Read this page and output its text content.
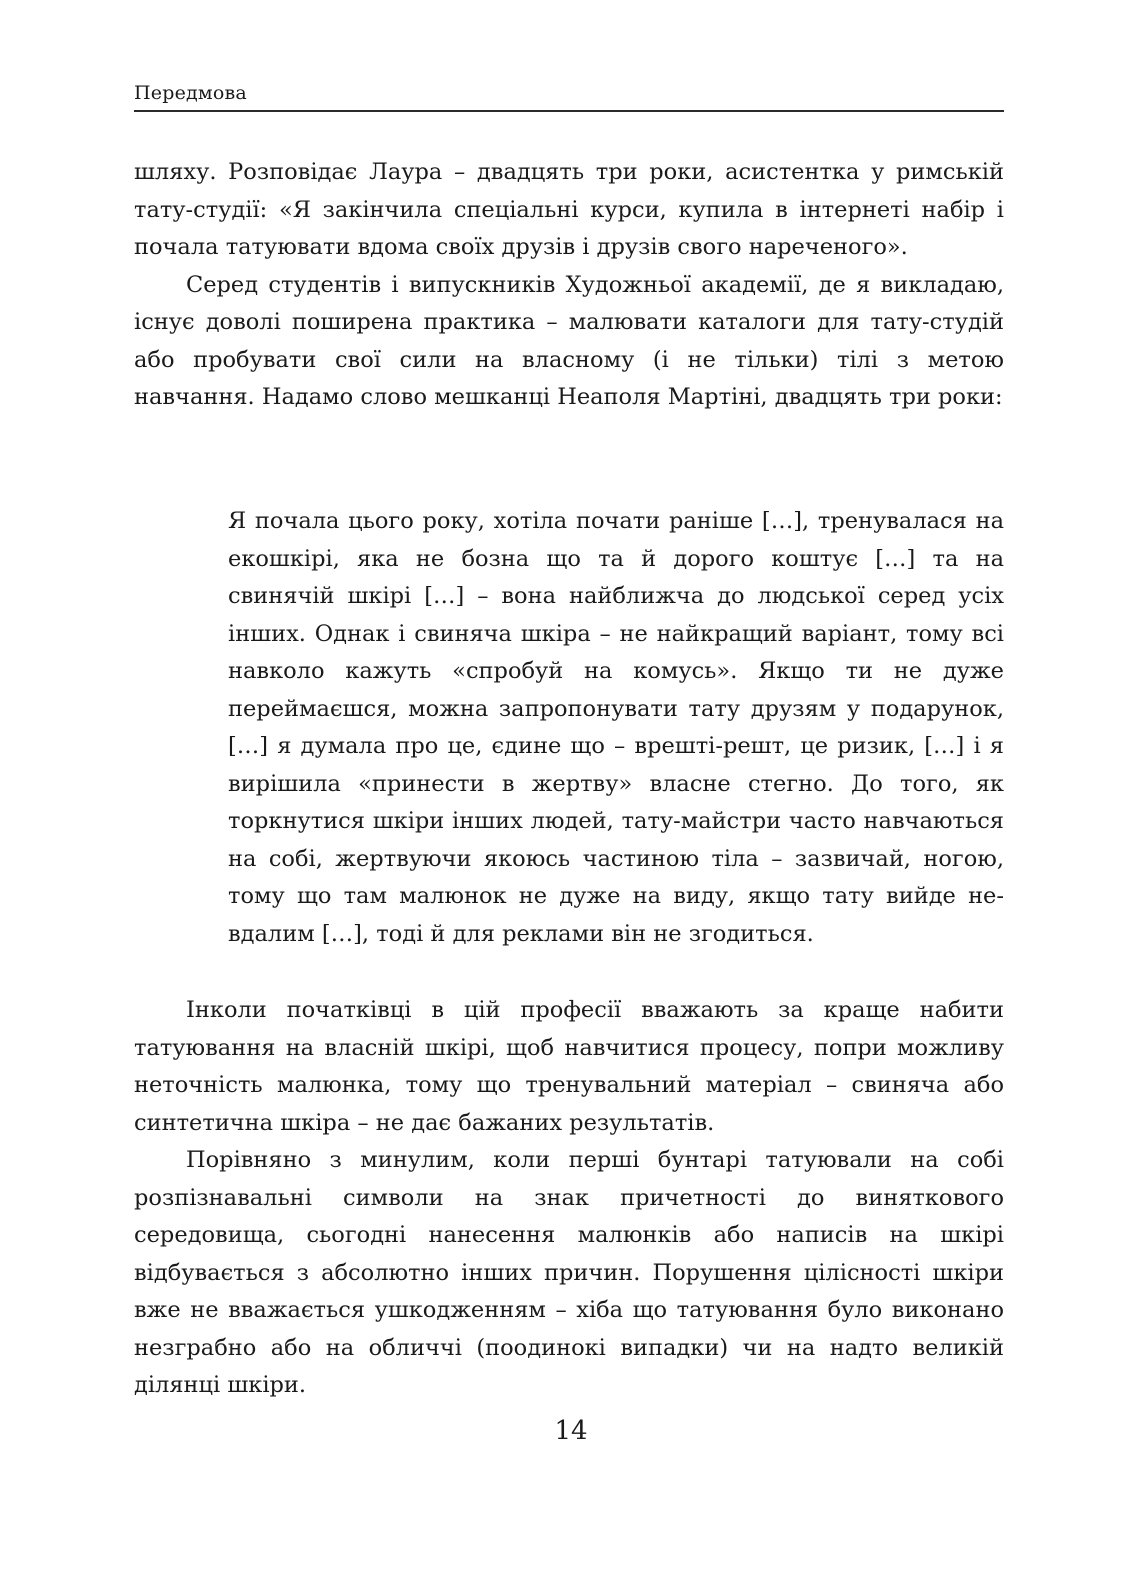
Передмова

шляху. Розповідає Лаура – двадцять три роки, асистентка у римській тату-студії: «Я закінчила спеціальні курси, купила в інтернеті набір і почала татуювати вдома своїх друзів і друзів свого нареченого».

Серед студентів і випускників Художньої академії, де я викладаю, існує доволі поширена практика – малювати каталоги для тату-студій або пробувати свої сили на власному (і не тільки) тілі з метою навчання. Надамо слово мешканці Неаполя Мартіні, двадцять три роки:

Я почала цього року, хотіла почати раніше […], тренувалася на екошкірі, яка не бозна що та й дорого коштує […] та на свинячій шкірі […] – вона найближча до людської серед усіх інших. Однак і свиняча шкіра – не найкращий варіант, тому всі навколо кажуть «спробуй на комусь». Якщо ти не дуже переймаєшся, можна запропонувати тату друзям у подарунок, […] я думала про це, єдине що – врешті-решт, це ризик, […] і я вирішила «принести в жертву» власне стегно. До того, як торкнутися шкіри інших людей, тату-майстри часто навчаються на собі, жертвуючи якоюсь частиною тіла – зазвичай, ногою, тому що там малюнок не дуже на виду, якщо тату вийде невдалим […], тоді й для реклами він не згодиться.

Інколи початківці в цій професії вважають за краще набити татуювання на власній шкірі, щоб навчитися процесу, попри можливу неточність малюнка, тому що тренувальний матеріал – свиняча або синтетична шкіра – не дає бажаних результатів.

Порівняно з минулим, коли перші бунтарі татуювали на собі розпізнавальні символи на знак причетності до виняткового середовища, сьогодні нанесення малюнків або написів на шкірі відбувається з абсолютно інших причин. Порушення цілісності шкіри вже не вважається ушкодженням – хіба що татуювання було виконано незграбно або на обличчі (поодинокі випадки) чи на надто великій ділянці шкіри.

14
